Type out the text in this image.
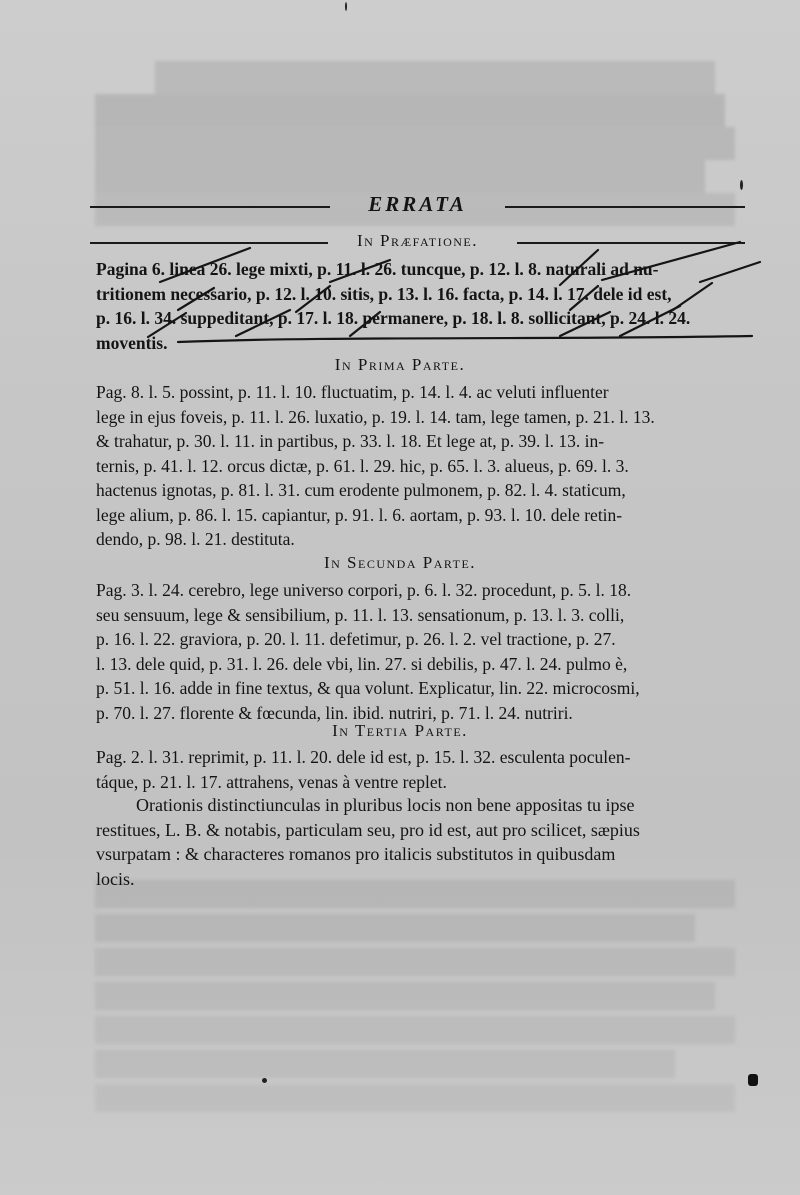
ERRATA
In Præfatione.
Pagina 6. linea 26. lege mixti, p. 11. l. 26. tuncque, p. 12. l. 8. naturali ad nu-
tritionem necessario, p. 12. l. 10. sitis, p. 13. l. 16. facta, p. 14. l. 17. dele id est,
p. 16. l. 34. suppeditant, p. 17. l. 18. permanere, p. 18. l. 8. sollicitant, p. 24. l. 24.
moventis.
In Prima Parte.
Pag. 8. l. 5. possint, p. 11. l. 10. fluctuatim, p. 14. l. 4. ac veluti influenter
lege in ejus foveis, p. 11. l. 26. luxatio, p. 19. l. 14. tam, lege tamen, p. 21. l. 13.
& trahatur, p. 30. l. 11. in partibus, p. 33. l. 18. Et lege at, p. 39. l. 13. in-
ternis, p. 41. l. 12. orcus dictæ, p. 61. l. 29. hic, p. 65. l. 3. alueus, p. 69. l. 3.
hactenus ignotas, p. 81. l. 31. cum erodente pulmonem, p. 82. l. 4. staticum,
lege alium, p. 86. l. 15. capiantur, p. 91. l. 6. aortam, p. 93. l. 10. dele retin-
dendo, p. 98. l. 21. destituta.
In Secunda Parte.
Pag. 3. l. 24. cerebro, lege universo corpori, p. 6. l. 32. procedunt, p. 5. l. 18.
seu sensuum, lege & sensibilium, p. 11. l. 13. sensationum, p. 13. l. 3. colli,
p. 16. l. 22. graviora, p. 20. l. 11. defetimur, p. 26. l. 2. vel tractione, p. 27.
l. 13. dele quid, p. 31. l. 26. dele vbi, lin. 27. si debilis, p. 47. l. 24. pulmo è,
p. 51. l. 16. adde in fine textus, & qua volunt. Explicatur, lin. 22. microcosmi,
p. 70. l. 27. florente & fœcunda, lin. ibid. nutriri, p. 71. l. 24. nutriri.
In Tertia Parte.
Pag. 2. l. 31. reprimit, p. 11. l. 20. dele id est, p. 15. l. 32. esculenta poculen-
táque, p. 21. l. 17. attrahens, venas à ventre replet.
Orationis distinctiunculas in pluribus locis non bene appositas tu ipse
restitues, L. B. & notabis, particulam seu, pro id est, aut pro scilicet, sæpius
vsurpatam : & characteres romanos pro italicis substitutos in quibusdam
locis.
